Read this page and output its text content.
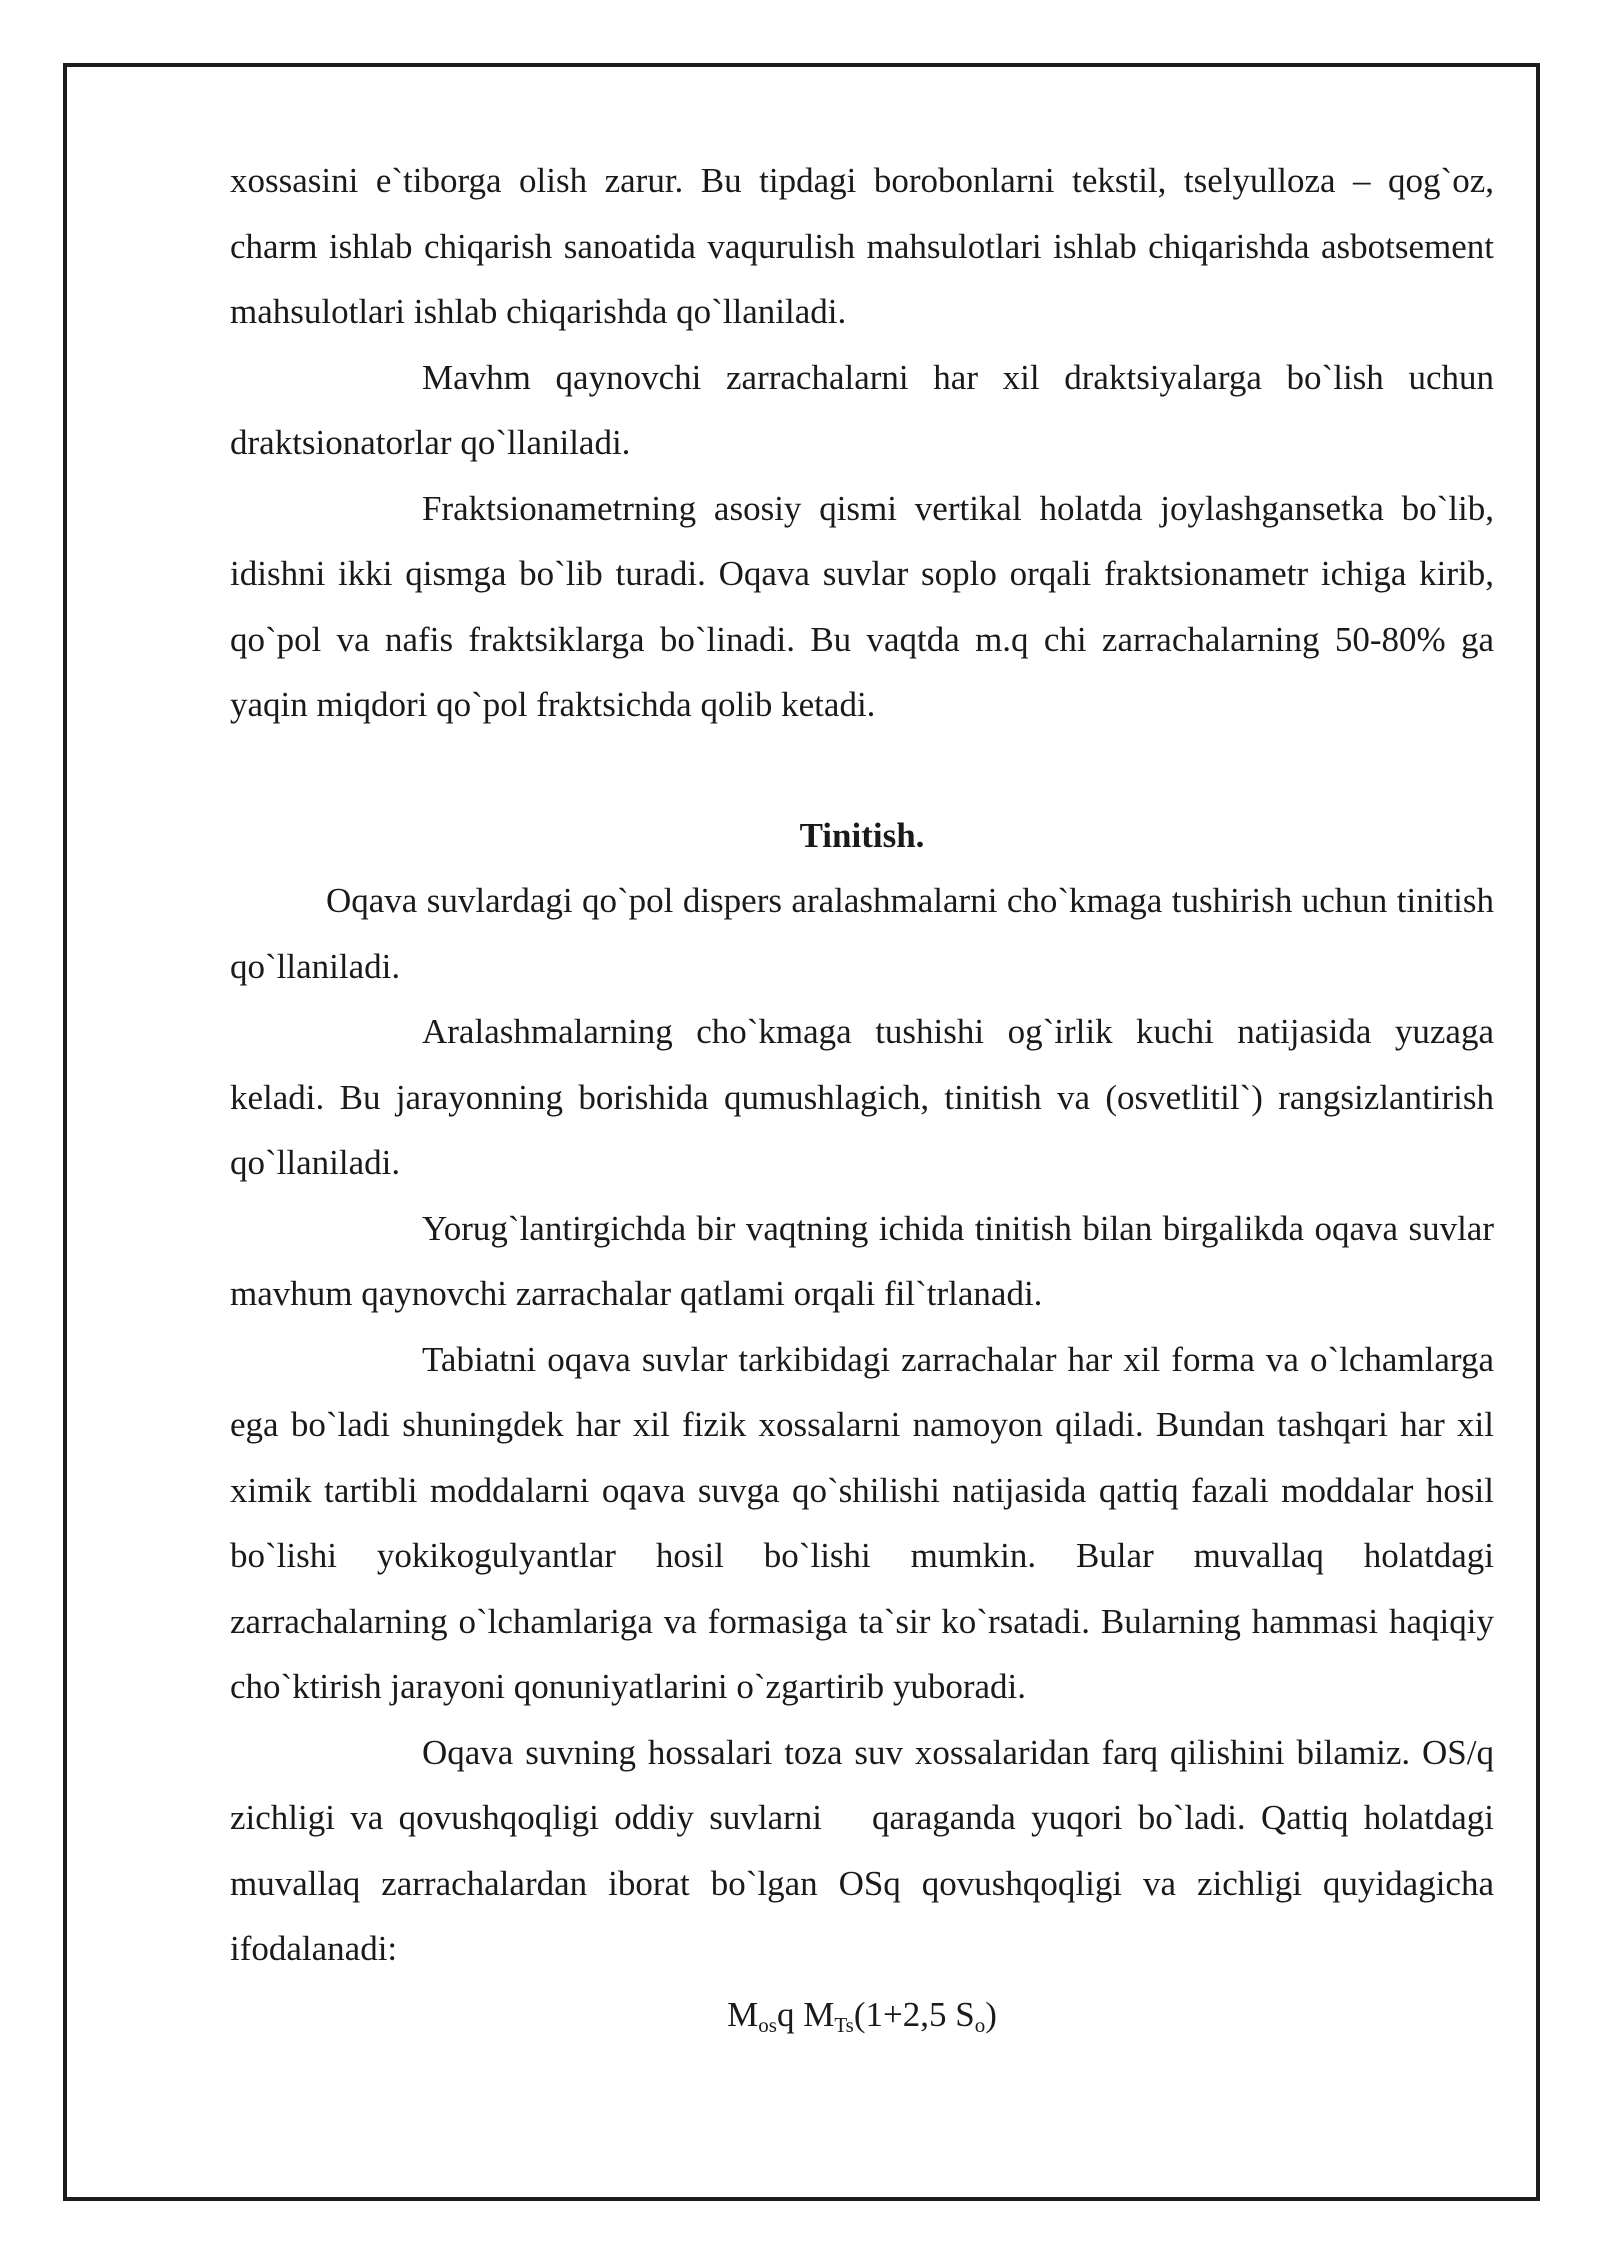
xossasini e`tiborga olish zarur. Bu tipdagi borobonlarni tekstil, tselyulloza – qog`oz, charm ishlab chiqarish sanoatida vaqurulish mahsulotlari ishlab chiqarishda asbotsement mahsulotlari ishlab chiqarishda qo`llaniladi.

Mavhm qaynovchi zarrachalarni har xil draktsiyalarga bo`lish uchun draktsionatorlar qo`llaniladi.

Fraktsionametrning asosiy qismi vertikal holatda joylashgansetka bo`lib, idishni ikki qismga bo`lib turadi. Oqava suvlar soplo orqali fraktsionametr ichiga kirib, qo`pol va nafis fraktsiklarga bo`linadi. Bu vaqtda m.q chi zarrachalarning 50-80% ga yaqin miqdori qo`pol fraktsichda qolib ketadi.

Tinitish.

Oqava suvlardagi qo`pol dispers aralashmalarni cho`kmaga tushirish uchun tinitish qo`llaniladi.

Aralashmalarning cho`kmaga tushishi og`irlik kuchi natijasida yuzaga keladi. Bu jarayonning borishida qumushlagich, tinitish va (osvetlitil`) rangsizlantirish qo`llaniladi.

Yorug`lantirgichda bir vaqtning ichida tinitish bilan birgalikda oqava suvlar mavhum qaynovchi zarrachalar qatlami orqali fil`trlanadi.

Tabiatni oqava suvlar tarkibidagi zarrachalar har xil forma va o`lchamlarga ega bo`ladi shuningdek har xil fizik xossalarni namoyon qiladi. Bundan tashqari har xil ximik tartibli moddalarni oqava suvga qo`shilishi natijasida qattiq fazali moddalar hosil bo`lishi yokikogulyantlar hosil bo`lishi mumkin. Bular muvallaq holatdagi zarrachalarning o`lchamlariga va formasiga ta`sir ko`rsatadi. Bularning hammasi haqiqiy cho`ktirish jarayoni qonuniyatlarini o`zgartirib yuboradi.

Oqava suvning hossalari toza suv xossalaridan farq qilishini bilamiz. OS/q zichligi va qovushqoqligi oddiy suvlarni qaraganda yuqori bo`ladi. Qattiq holatdagi muvallaq zarrachalardan iborat bo`lgan OSq qovushqoqligi va zichligi quyidagicha ifodalanadi:

$M_{os}q$ $M_{Ts}(1+2,5$ $S_o$)
